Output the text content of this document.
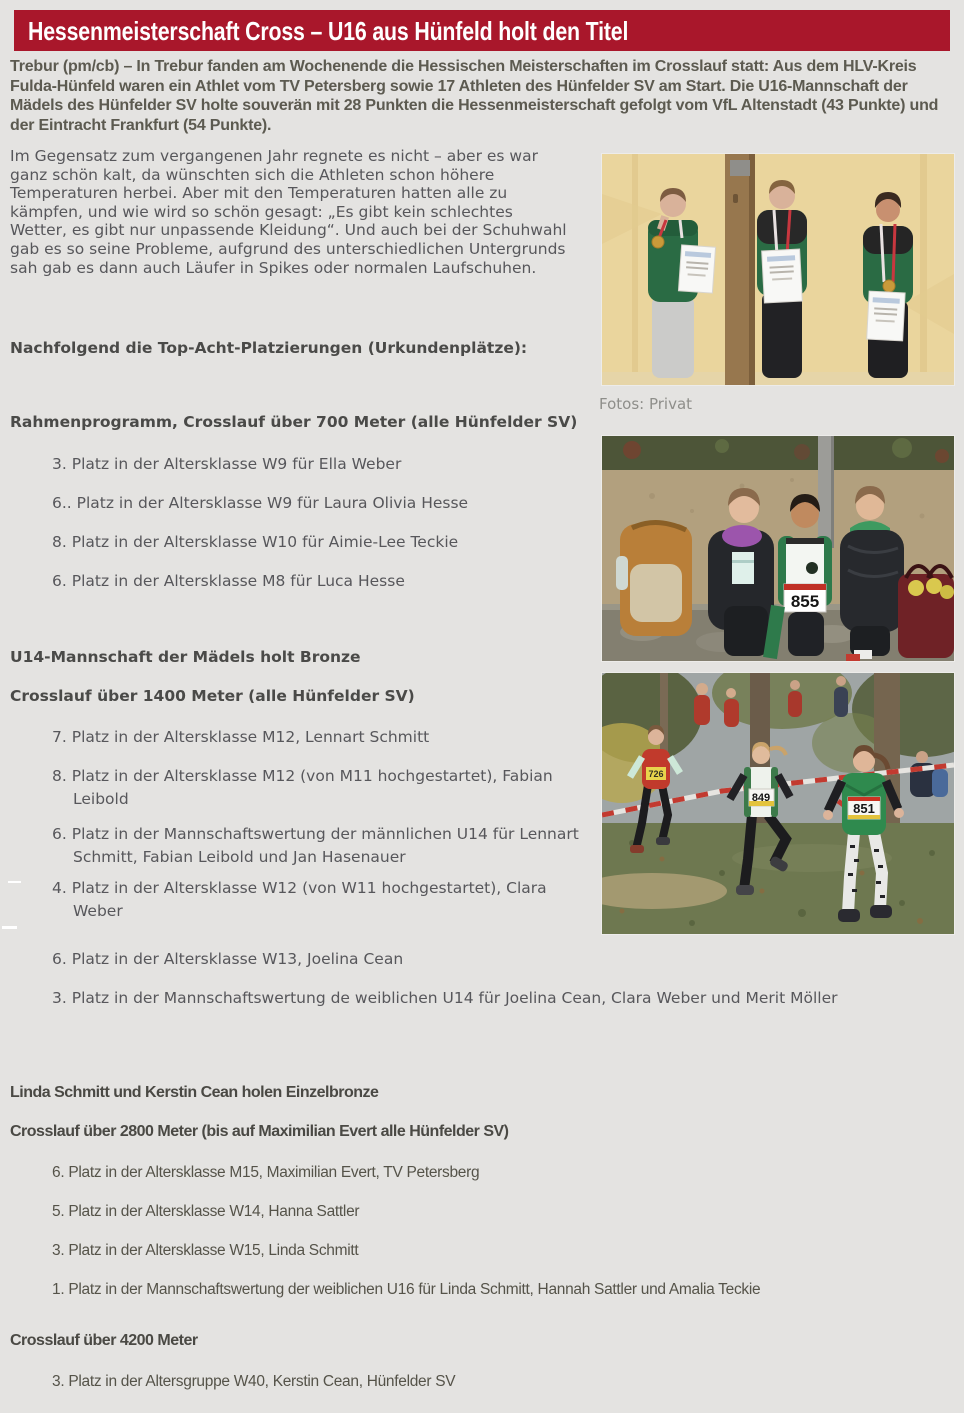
Hessenmeisterschaft Cross – U16 aus Hünfeld holt den Titel

Trebur (pm/cb) – In Trebur fanden am Wochenende die Hessischen Meisterschaften im Crosslauf statt: Aus dem HLV-Kreis Fulda-Hünfeld waren ein Athlet vom TV Petersberg sowie 17 Athleten des Hünfelder SV am Start. Die U16-Mannschaft der Mädels des Hünfelder SV holte souverän mit 28 Punkten die Hessenmeisterschaft gefolgt vom VfL Altenstadt (43 Punkte) und der Eintracht Frankfurt (54 Punkte).

Im Gegensatz zum vergangenen Jahr regnete es nicht – aber es war ganz schön kalt, da wünschten sich die Athleten schon höhere Temperaturen herbei. Aber mit den Temperaturen hatten alle zu kämpfen, und wie wird so schön gesagt: „Es gibt kein schlechtes Wetter, es gibt nur unpassende Kleidung“. Und auch bei der Schuhwahl gab es so seine Probleme, aufgrund des unterschiedlichen Untergrunds sah gab es dann auch Läufer in Spikes oder normalen Laufschuhen.

Nachfolgend die Top-Acht-Platzierungen (Urkundenplätze):
Rahmenprogramm, Crosslauf über 700 Meter (alle Hünfelder SV)
3. Platz in der Altersklasse W9 für Ella Weber
6.. Platz in der Altersklasse W9 für Laura Olivia Hesse
8. Platz in der Altersklasse W10 für Aimie-Lee Teckie
6. Platz in der Altersklasse M8 für Luca Hesse
U14-Mannschaft der Mädels holt Bronze
Crosslauf über 1400 Meter (alle Hünfelder SV)
7. Platz in der Altersklasse M12, Lennart Schmitt
8. Platz in der Altersklasse M12 (von M11 hochgestartet), Fabian Leibold
6. Platz in der Mannschaftswertung der männlichen U14 für Lennart Schmitt, Fabian Leibold und Jan Hasenauer
4. Platz in der Altersklasse W12 (von W11 hochgestartet), Clara Weber
6. Platz in der Altersklasse W13, Joelina Cean
3. Platz in der Mannschaftswertung de weiblichen U14 für Joelina Cean, Clara Weber und Merit Möller
Linda Schmitt und Kerstin Cean holen Einzelbronze
Crosslauf über 2800 Meter (bis auf Maximilian Evert alle Hünfelder SV)
6. Platz in der Altersklasse M15, Maximilian Evert, TV Petersberg
5. Platz in der Altersklasse W14, Hanna Sattler
3. Platz in der Altersklasse W15, Linda Schmitt
1. Platz in der Mannschaftswertung der weiblichen U16 für Linda Schmitt, Hannah Sattler und Amalia Teckie
Crosslauf über 4200 Meter
3. Platz in der Altersgruppe W40, Kerstin Cean, Hünfelder SV

Fotos: Privat

855
726
849
851
